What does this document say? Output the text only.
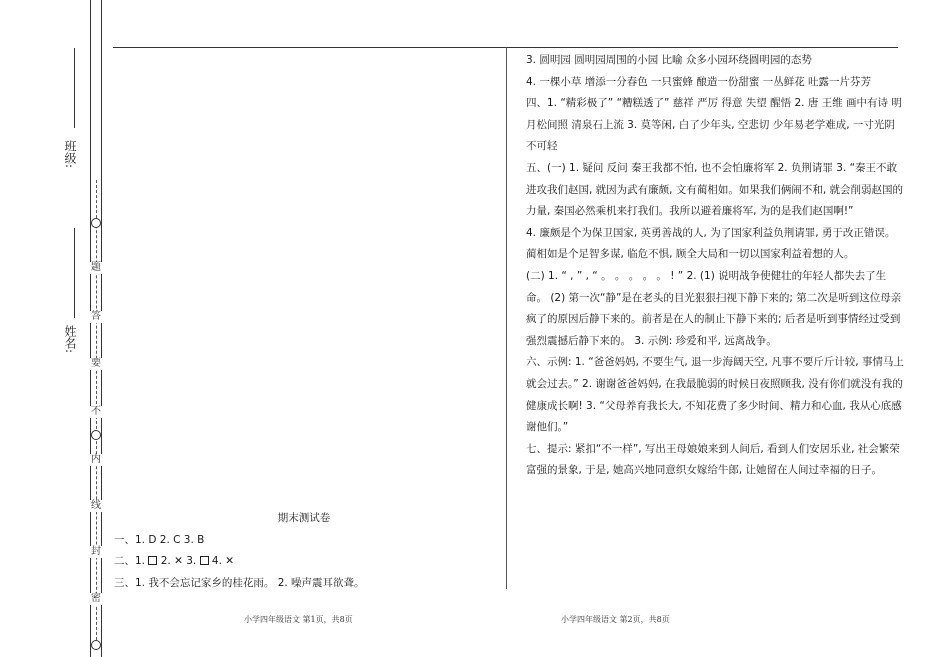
题
答
要
不
内
线
封
密
班级:
姓名:

期末测试卷

一、1. D 2. C 3. B

二、1.  2. ✕ 3.  4. ✕

三、1. 我不会忘记家乡的桂花雨。 2. 噪声震耳欲聋。

3. 圆明园 圆明园周围的小园 比喻 众多小园环绕圆明园的态势

4. 一棵小草 增添一分春色 一只蜜蜂 酿造一份甜蜜 一丛鲜花 吐露一片芬芳

四、1. “精彩极了” “糟糕透了” 慈祥 严厉 得意 失望 醒悟 2. 唐 王维 画中有诗 明月松间照 清泉石上流 3. 莫等闲, 白了少年头, 空悲切 少年易老学难成, 一寸光阴不可轻

五、(一) 1. 疑问 反问 秦王我都不怕, 也不会怕廉将军 2. 负荆请罪 3. “秦王不敢进攻我们赵国, 就因为武有廉颇, 文有蔺相如。如果我们俩闹不和, 就会削弱赵国的力量, 秦国必然乘机来打我们。我所以避着廉将军, 为的是我们赵国啊!”

4. 廉颇是个为保卫国家, 英勇善战的人, 为了国家利益负荆请罪, 勇于改正错误。蔺相如是个足智多谋, 临危不惧, 顾全大局和一切以国家利益着想的人。

(二) 1. “ , ” , “ 。 。 。 。 。 ! ” 2. (1) 说明战争使健壮的年轻人都失去了生命。 (2) 第一次“静”是在老头的目光狠狠扫视下静下来的; 第二次是听到这位母亲疯了的原因后静下来的。前者是在人的制止下静下来的; 后者是听到事情经过受到强烈震撼后静下来的。 3. 示例: 珍爱和平, 远离战争。

六、示例: 1. “爸爸妈妈, 不要生气, 退一步海阔天空, 凡事不要斤斤计较, 事情马上就会过去。” 2. 谢谢爸爸妈妈, 在我最脆弱的时候日夜照顾我, 没有你们就没有我的健康成长啊! 3. “父母养育我长大, 不知花费了多少时间、精力和心血, 我从心底感谢他们。”

七、提示: 紧扣“不一样”, 写出王母娘娘来到人间后, 看到人们安居乐业, 社会繁荣富强的景象, 于是, 她高兴地同意织女嫁给牛郎, 让她留在人间过幸福的日子。

小学四年级语文 第1页，共8页	小学四年级语文 第2页，共8页
